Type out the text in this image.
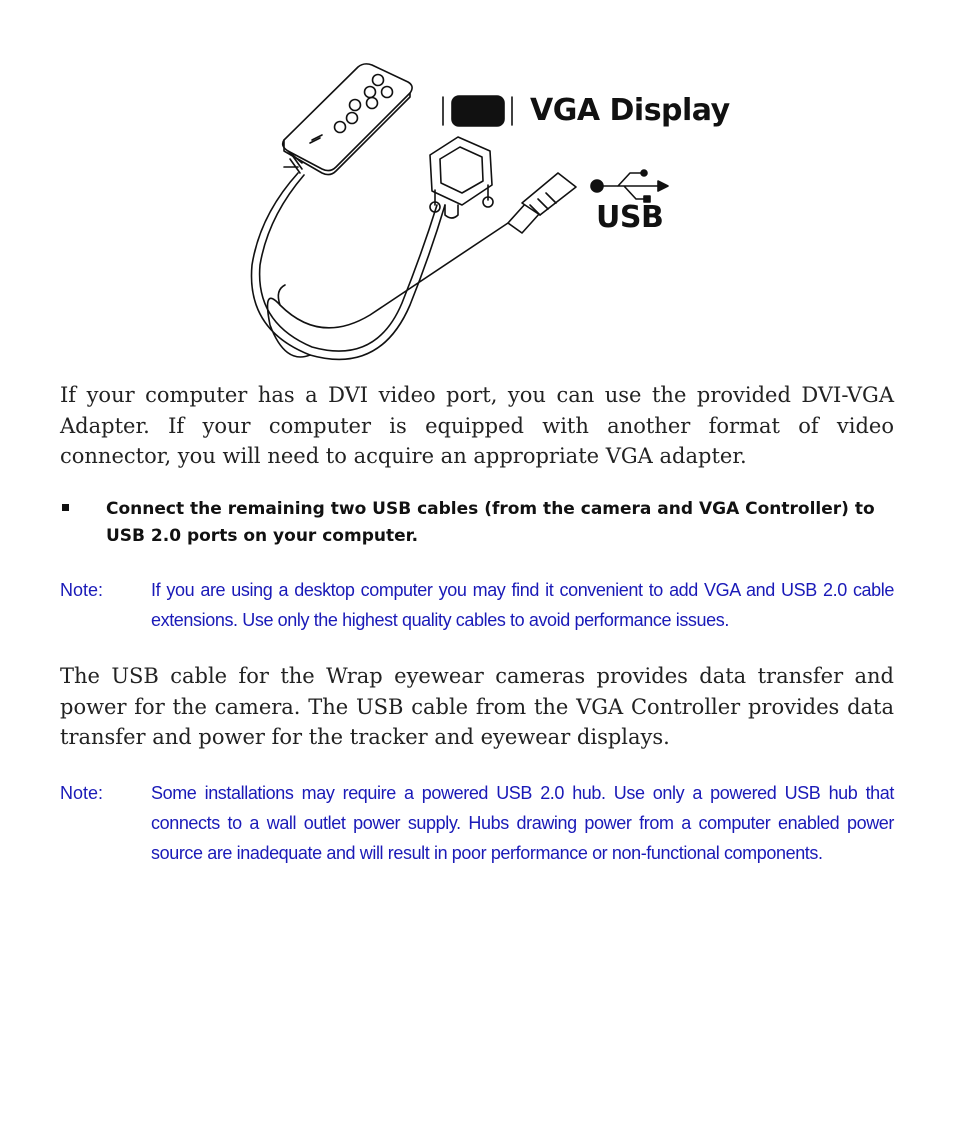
VGA Display
USB

If your computer has a DVI video port, you can use the provided DVI-VGA Adapter. If your computer is equipped with another format of video connector, you will need to acquire an appropriate VGA adapter.

Connect the remaining two USB cables (from the camera and VGA Controller) to USB 2.0 ports on your computer.

Note:	If you are using a desktop computer you may find it convenient to add VGA and USB 2.0 cable extensions. Use only the highest quality cables to avoid performance issues.

The USB cable for the Wrap eyewear cameras provides data transfer and power for the camera. The USB cable from the VGA Controller provides data transfer and power for the tracker and eyewear displays.

Note:	Some installations may require a powered USB 2.0 hub. Use only a powered USB hub that connects to a wall outlet power supply. Hubs drawing power from a computer enabled power source are inadequate and will result in poor performance or non-functional components.
